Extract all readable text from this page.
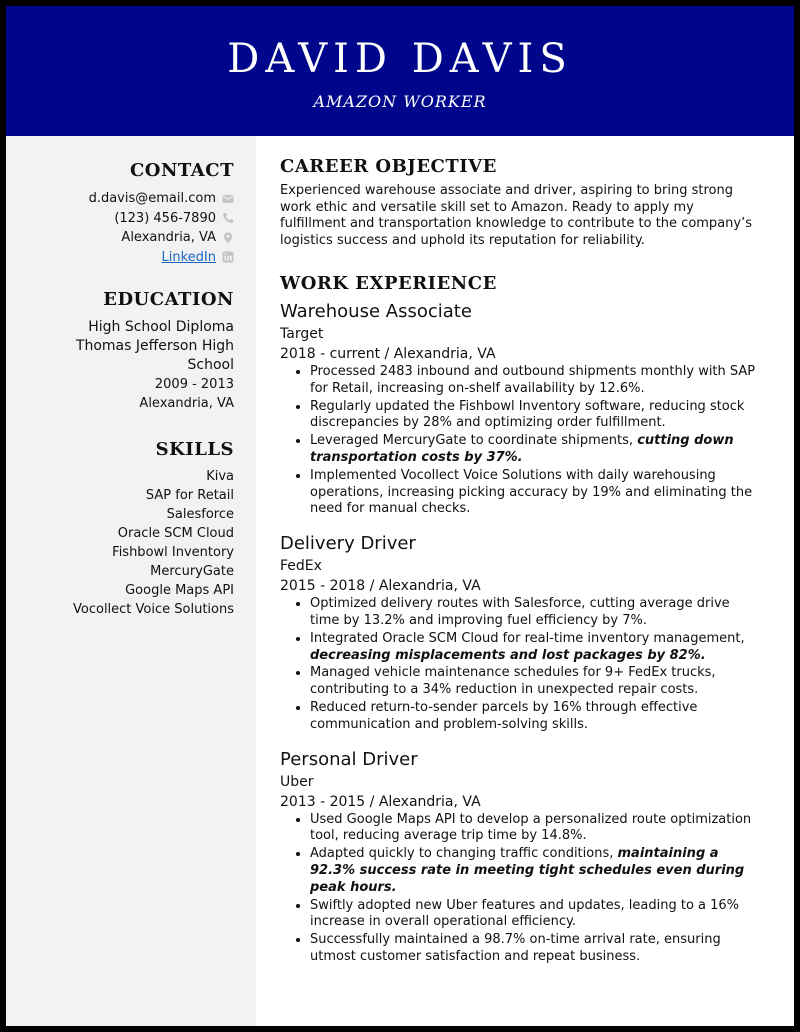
DAVID DAVIS
AMAZON WORKER
CONTACT
d.davis@email.com
(123) 456-7890
Alexandria, VA
LinkedIn
EDUCATION
High School Diploma
Thomas Jefferson High School
2009 - 2013
Alexandria, VA
SKILLS
Kiva
SAP for Retail
Salesforce
Oracle SCM Cloud
Fishbowl Inventory
MercuryGate
Google Maps API
Vocollect Voice Solutions
CAREER OBJECTIVE

Experienced warehouse associate and driver, aspiring to bring strong work ethic and versatile skill set to Amazon. Ready to apply my fulfillment and transportation knowledge to contribute to the company’s logistics success and uphold its reputation for reliability.

WORK EXPERIENCE
Warehouse Associate
Target
2018 - current / Alexandria, VA
• Processed 2483 inbound and outbound shipments monthly with SAP for Retail, increasing on-shelf availability by 12.6%.
• Regularly updated the Fishbowl Inventory software, reducing stock discrepancies by 28% and optimizing order fulfillment.
• Leveraged MercuryGate to coordinate shipments, cutting down transportation costs by 37%.
• Implemented Vocollect Voice Solutions with daily warehousing operations, increasing picking accuracy by 19% and eliminating the need for manual checks.
Delivery Driver
FedEx
2015 - 2018 / Alexandria, VA
• Optimized delivery routes with Salesforce, cutting average drive time by 13.2% and improving fuel efficiency by 7%.
• Integrated Oracle SCM Cloud for real-time inventory management, decreasing misplacements and lost packages by 82%.
• Managed vehicle maintenance schedules for 9+ FedEx trucks, contributing to a 34% reduction in unexpected repair costs.
• Reduced return-to-sender parcels by 16% through effective communication and problem-solving skills.
Personal Driver
Uber
2013 - 2015 / Alexandria, VA
• Used Google Maps API to develop a personalized route optimization tool, reducing average trip time by 14.8%.
• Adapted quickly to changing traffic conditions, maintaining a 92.3% success rate in meeting tight schedules even during peak hours.
• Swiftly adopted new Uber features and updates, leading to a 16% increase in overall operational efficiency.
• Successfully maintained a 98.7% on-time arrival rate, ensuring utmost customer satisfaction and repeat business.
